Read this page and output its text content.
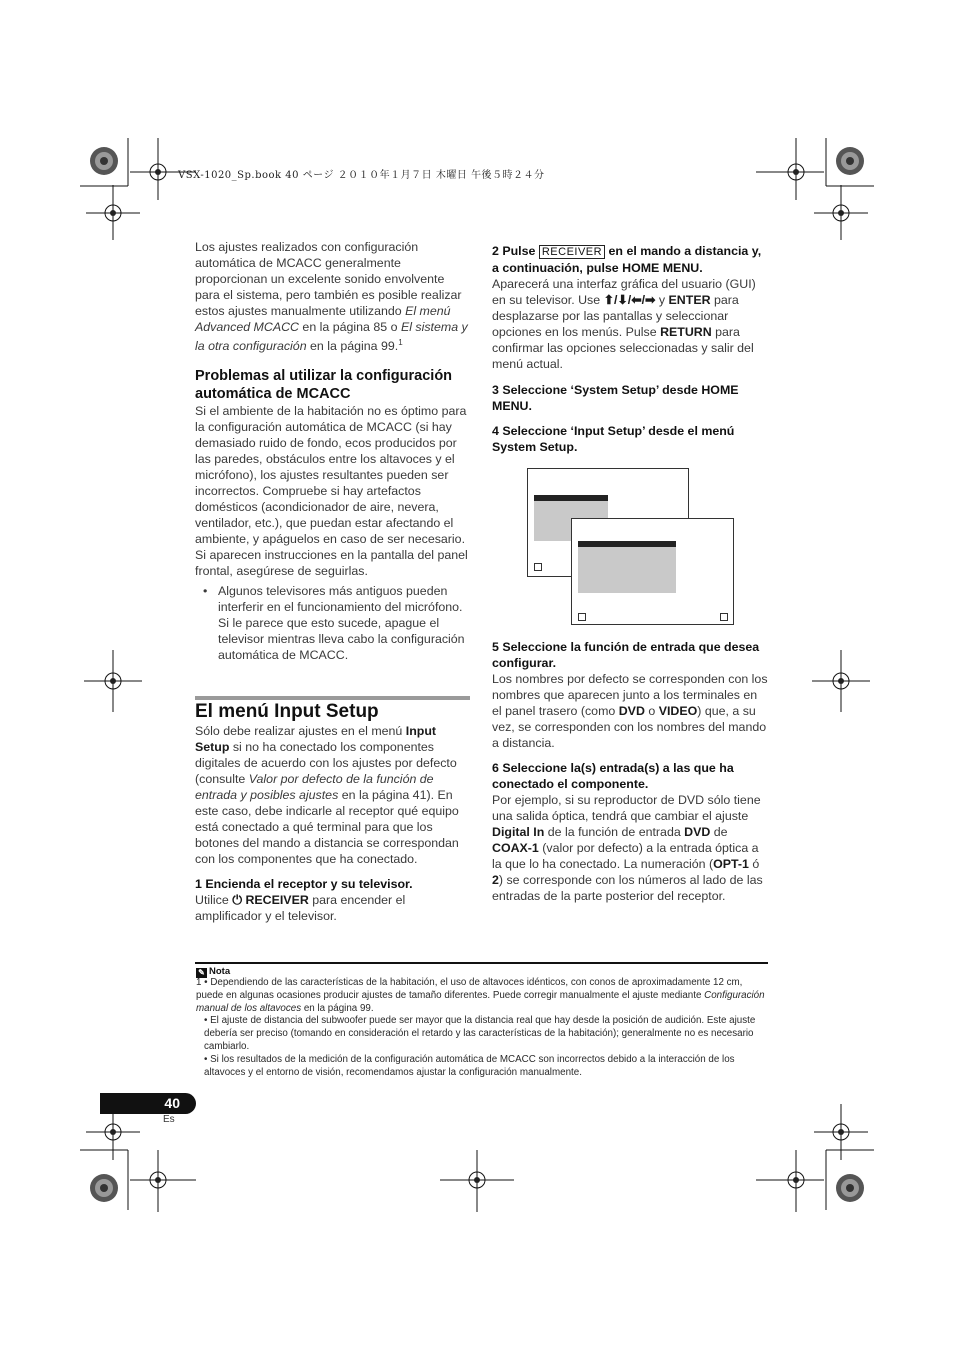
VSX-1020_Sp.book 40 ページ ２０１０年１月７日 木曜日 午後５時２４分

Los ajustes realizados con configuración automática de MCACC generalmente proporcionan un excelente sonido envolvente para el sistema, pero también es posible realizar estos ajustes manualmente utilizando El menú Advanced MCACC en la página 85 o El sistema y la otra configuración en la página 99.$^1$

Problemas al utilizar la configuración automática de MCACC

Si el ambiente de la habitación no es óptimo para la configuración automática de MCACC (si hay demasiado ruido de fondo, ecos producidos por las paredes, obstáculos entre los altavoces y el micrófono), los ajustes resultantes pueden ser incorrectos. Compruebe si hay artefactos domésticos (acondicionador de aire, nevera, ventilador, etc.), que puedan estar afectando el ambiente, y apáguelos en caso de ser necesario. Si aparecen instrucciones en la pantalla del panel frontal, asegúrese de seguirlas.

• Algunos televisores más antiguos pueden interferir en el funcionamiento del micrófono. Si le parece que esto sucede, apague el televisor mientras lleva cabo la configuración automática de MCACC.

El menú Input Setup

Sólo debe realizar ajustes en el menú Input Setup si no ha conectado los componentes digitales de acuerdo con los ajustes por defecto (consulte Valor por defecto de la función de entrada y posibles ajustes en la página 41). En este caso, debe indicarle al receptor qué equipo está conectado a qué terminal para que los botones del mando a distancia se correspondan con los componentes que ha conectado.

1 Encienda el receptor y su televisor.

Utilice ⏻ RECEIVER para encender el amplificador y el televisor.

2 Pulse RECEIVER en el mando a distancia y, a continuación, pulse HOME MENU.

Aparecerá una interfaz gráfica del usuario (GUI) en su televisor. Use ⬆/⬇/⬅/➡ y ENTER para desplazarse por las pantallas y seleccionar opciones en los menús. Pulse RETURN para confirmar las opciones seleccionadas y salir del menú actual.

3 Seleccione ‘System Setup’ desde HOME MENU.

4 Seleccione ‘Input Setup’ desde el menú System Setup.

5 Seleccione la función de entrada que desea configurar.

Los nombres por defecto se corresponden con los nombres que aparecen junto a los terminales en el panel trasero (como DVD o VIDEO) que, a su vez, se corresponden con los nombres del mando a distancia.

6 Seleccione la(s) entrada(s) a las que ha conectado el componente.

Por ejemplo, si su reproductor de DVD sólo tiene una salida óptica, tendrá que cambiar el ajuste Digital In de la función de entrada DVD de COAX-1 (valor por defecto) a la entrada óptica a la que lo ha conectado. La numeración (OPT-1 ó 2) se corresponde con los números al lado de las entradas de la parte posterior del receptor.

✎ Nota

1 • Dependiendo de las características de la habitación, el uso de altavoces idénticos, con conos de aproximadamente 12 cm, puede en algunas ocasiones producir ajustes de tamaño diferentes. Puede corregir manualmente el ajuste mediante Configuración manual de los altavoces en la página 99.

• El ajuste de distancia del subwoofer puede ser mayor que la distancia real que hay desde la posición de audición. Este ajuste debería ser preciso (tomando en consideración el retardo y las características de la habitación); generalmente no es necesario cambiarlo.

• Si los resultados de la medición de la configuración automática de MCACC son incorrectos debido a la interacción de los altavoces y el entorno de visión, recomendamos ajustar la configuración manualmente.

40
Es
